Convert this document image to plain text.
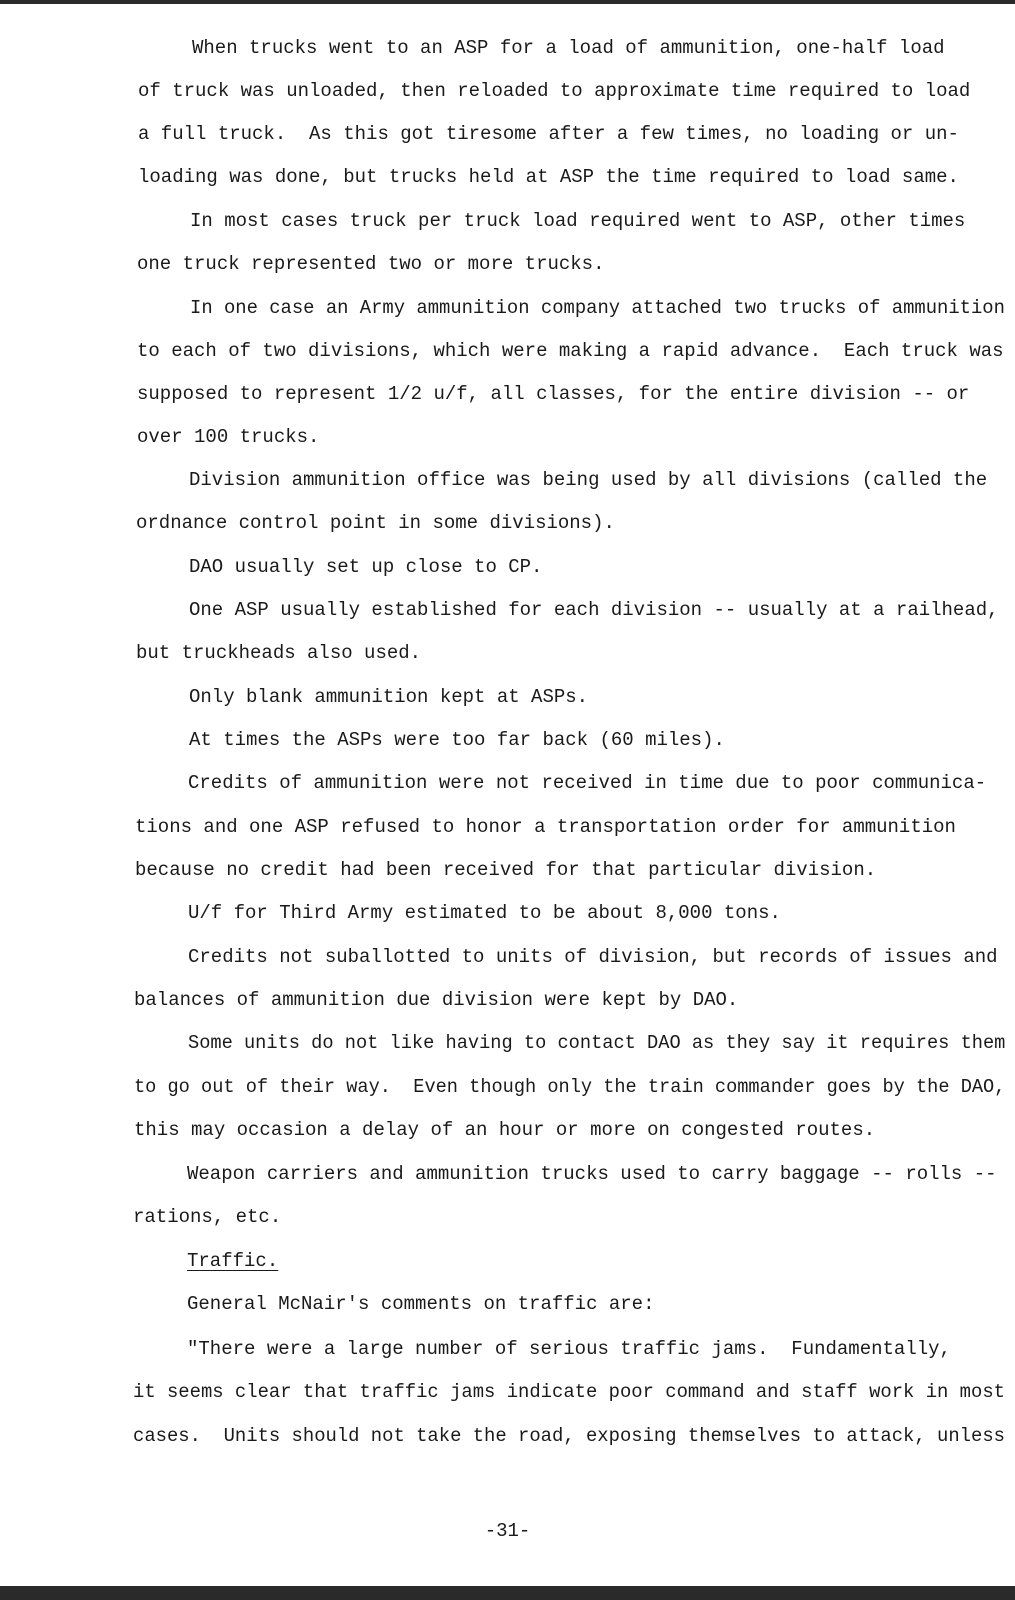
When trucks went to an ASP for a load of ammunition, one-half load
of truck was unloaded, then reloaded to approximate time required to load
a full truck.  As this got tiresome after a few times, no loading or un-
loading was done, but trucks held at ASP the time required to load same.
In most cases truck per truck load required went to ASP, other times
one truck represented two or more trucks.
In one case an Army ammunition company attached two trucks of ammunition
to each of two divisions, which were making a rapid advance.  Each truck was
supposed to represent 1/2 u/f, all classes, for the entire division -- or
over 100 trucks.
Division ammunition office was being used by all divisions (called the
ordnance control point in some divisions).
DAO usually set up close to CP.
One ASP usually established for each division -- usually at a railhead,
but truckheads also used.
Only blank ammunition kept at ASPs.
At times the ASPs were too far back (60 miles).
Credits of ammunition were not received in time due to poor communica-
tions and one ASP refused to honor a transportation order for ammunition
because no credit had been received for that particular division.
U/f for Third Army estimated to be about 8,000 tons.
Credits not suballotted to units of division, but records of issues and
balances of ammunition due division were kept by DAO.
Some units do not like having to contact DAO as they say it requires them
to go out of their way.  Even though only the train commander goes by the DAO,
this may occasion a delay of an hour or more on congested routes.
Weapon carriers and ammunition trucks used to carry baggage -- rolls --
rations, etc.
Traffic.
General McNair's comments on traffic are:
"There were a large number of serious traffic jams.  Fundamentally,
it seems clear that traffic jams indicate poor command and staff work in most
cases.  Units should not take the road, exposing themselves to attack, unless
-31-
